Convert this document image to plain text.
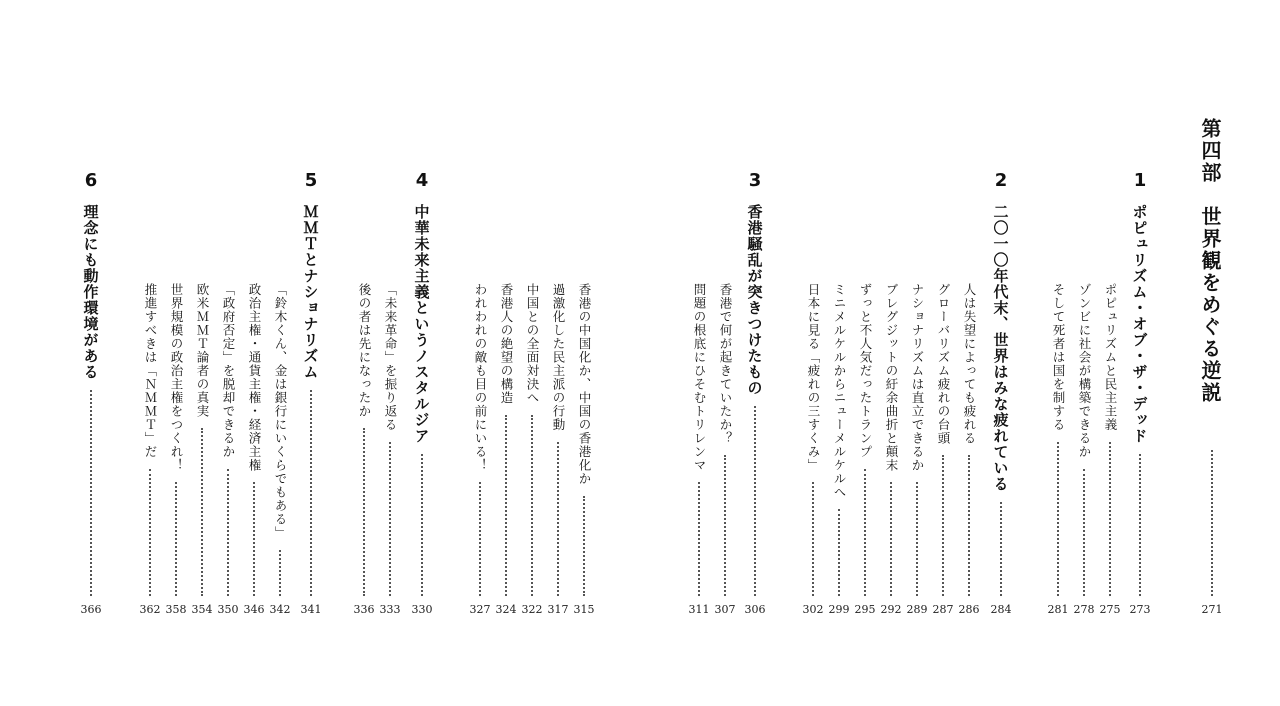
第四部　世界観をめぐる逆説
271
1
ポピュリズム・オブ・ザ・デッド
273
ポピュリズムと民主主義
275
ゾンビに社会が構築できるか
278
そして死者は国を制する
281
2
二〇一〇年代末、世界はみな疲れている
284
人は失望によっても疲れる
286
グローバリズム疲れの台頭
287
ナショナリズムは直立できるか
289
ブレグジットの紆余曲折と顛末
292
ずっと不人気だったトランプ
295
ミニメルケルからニューメルケルへ
299
日本に見る「疲れの三すくみ」
302
3
香港騒乱が突きつけたもの
306
香港で何が起きていたか？
307
問題の根底にひそむトリレンマ
311
香港の中国化か、中国の香港化か
315
過激化した民主派の行動
317
中国との全面対決へ
322
香港人の絶望の構造
324
われわれの敵も目の前にいる！
327
4
中華未来主義というノスタルジア
330
「未来革命」を振り返る
333
後の者は先になったか
336
5
ＭＭＴとナショナリズム
341
「鈴木くん、金は銀行にいくらでもある」
342
政治主権・通貨主権・経済主権
346
「政府否定」を脱却できるか
350
欧米ＭＭＴ論者の真実
354
世界規模の政治主権をつくれ！
358
推進すべきは「ＮＭＭＴ」だ
362
6
理念にも動作環境がある
366
